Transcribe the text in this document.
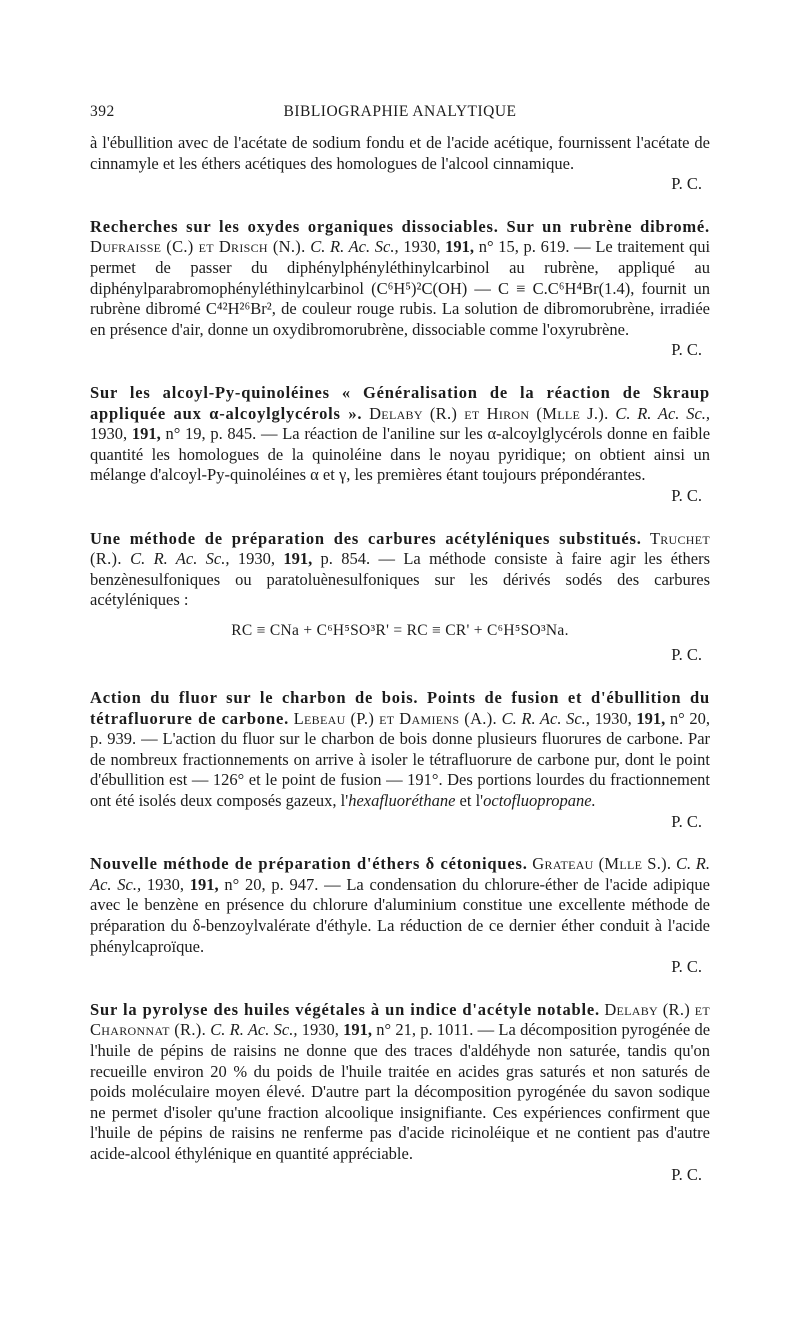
392	BIBLIOGRAPHIE ANALYTIQUE

à l'ébullition avec de l'acétate de sodium fondu et de l'acide acétique, fournissent l'acétate de cinnamyle et les éthers acétiques des homologues de l'alcool cinnamique.

P. C.

Recherches sur les oxydes organiques dissociables. Sur un rubrène dibromé. Dufraisse (C.) et Drisch (N.). C. R. Ac. Sc., 1930, 191, n° 15, p. 619. — Le traitement qui permet de passer du diphénylphényléthinylcarbinol au rubrène, appliqué au diphénylparabromophényléthinylcarbinol (C⁶H⁵)²C(OH) — C ≡ C.C⁶H⁴Br(1.4), fournit un rubrène dibromé C⁴²H²⁶Br², de couleur rouge rubis. La solution de dibromorubrène, irradiée en présence d'air, donne un oxydibromorubrène, dissociable comme l'oxyrubrène.

P. C.

Sur les alcoyl-Py-quinoléines « Généralisation de la réaction de Skraup appliquée aux α-alcoylglycérols ». Delaby (R.) et Hiron (Mlle J.). C. R. Ac. Sc., 1930, 191, n° 19, p. 845. — La réaction de l'aniline sur les α-alcoylglycérols donne en faible quantité les homologues de la quinoléine dans le noyau pyridique; on obtient ainsi un mélange d'alcoyl-Py-quinoléines α et γ, les premières étant toujours prépondérantes.

P. C.

Une méthode de préparation des carbures acétyléniques substitués. Truchet (R.). C. R. Ac. Sc., 1930, 191, p. 854. — La méthode consiste à faire agir les éthers benzènesulfoniques ou paratoluènesulfoniques sur les dérivés sodés des carbures acétyléniques :

RC ≡ CNa + C⁶H⁵SO³R' = RC ≡ CR' + C⁶H⁵SO³Na.
P. C.

Action du fluor sur le charbon de bois. Points de fusion et d'ébullition du tétrafluorure de carbone. Lebeau (P.) et Damiens (A.). C. R. Ac. Sc., 1930, 191, n° 20, p. 939. — L'action du fluor sur le charbon de bois donne plusieurs fluorures de carbone. Par de nombreux fractionnements on arrive à isoler le tétrafluorure de carbone pur, dont le point d'ébullition est — 126° et le point de fusion — 191°. Des portions lourdes du fractionnement ont été isolés deux composés gazeux, l'hexafluoréthane et l'octofluopropane.

P. C.

Nouvelle méthode de préparation d'éthers δ cétoniques. Grateau (Mlle S.). C. R. Ac. Sc., 1930, 191, n° 20, p. 947. — La condensation du chlorure-éther de l'acide adipique avec le benzène en présence du chlorure d'aluminium constitue une excellente méthode de préparation du δ-benzoylvalérate d'éthyle. La réduction de ce dernier éther conduit à l'acide phénylcaproïque.

P. C.

Sur la pyrolyse des huiles végétales à un indice d'acétyle notable. Delaby (R.) et Charonnat (R.). C. R. Ac. Sc., 1930, 191, n° 21, p. 1011. — La décomposition pyrogénée de l'huile de pépins de raisins ne donne que des traces d'aldéhyde non saturée, tandis qu'on recueille environ 20 % du poids de l'huile traitée en acides gras saturés et non saturés de poids moléculaire moyen élevé. D'autre part la décomposition pyrogénée du savon sodique ne permet d'isoler qu'une fraction alcoolique insignifiante. Ces expériences confirment que l'huile de pépins de raisins ne renferme pas d'acide ricinoléique et ne contient pas d'autre acide-alcool éthylénique en quantité appréciable.

P. C.
